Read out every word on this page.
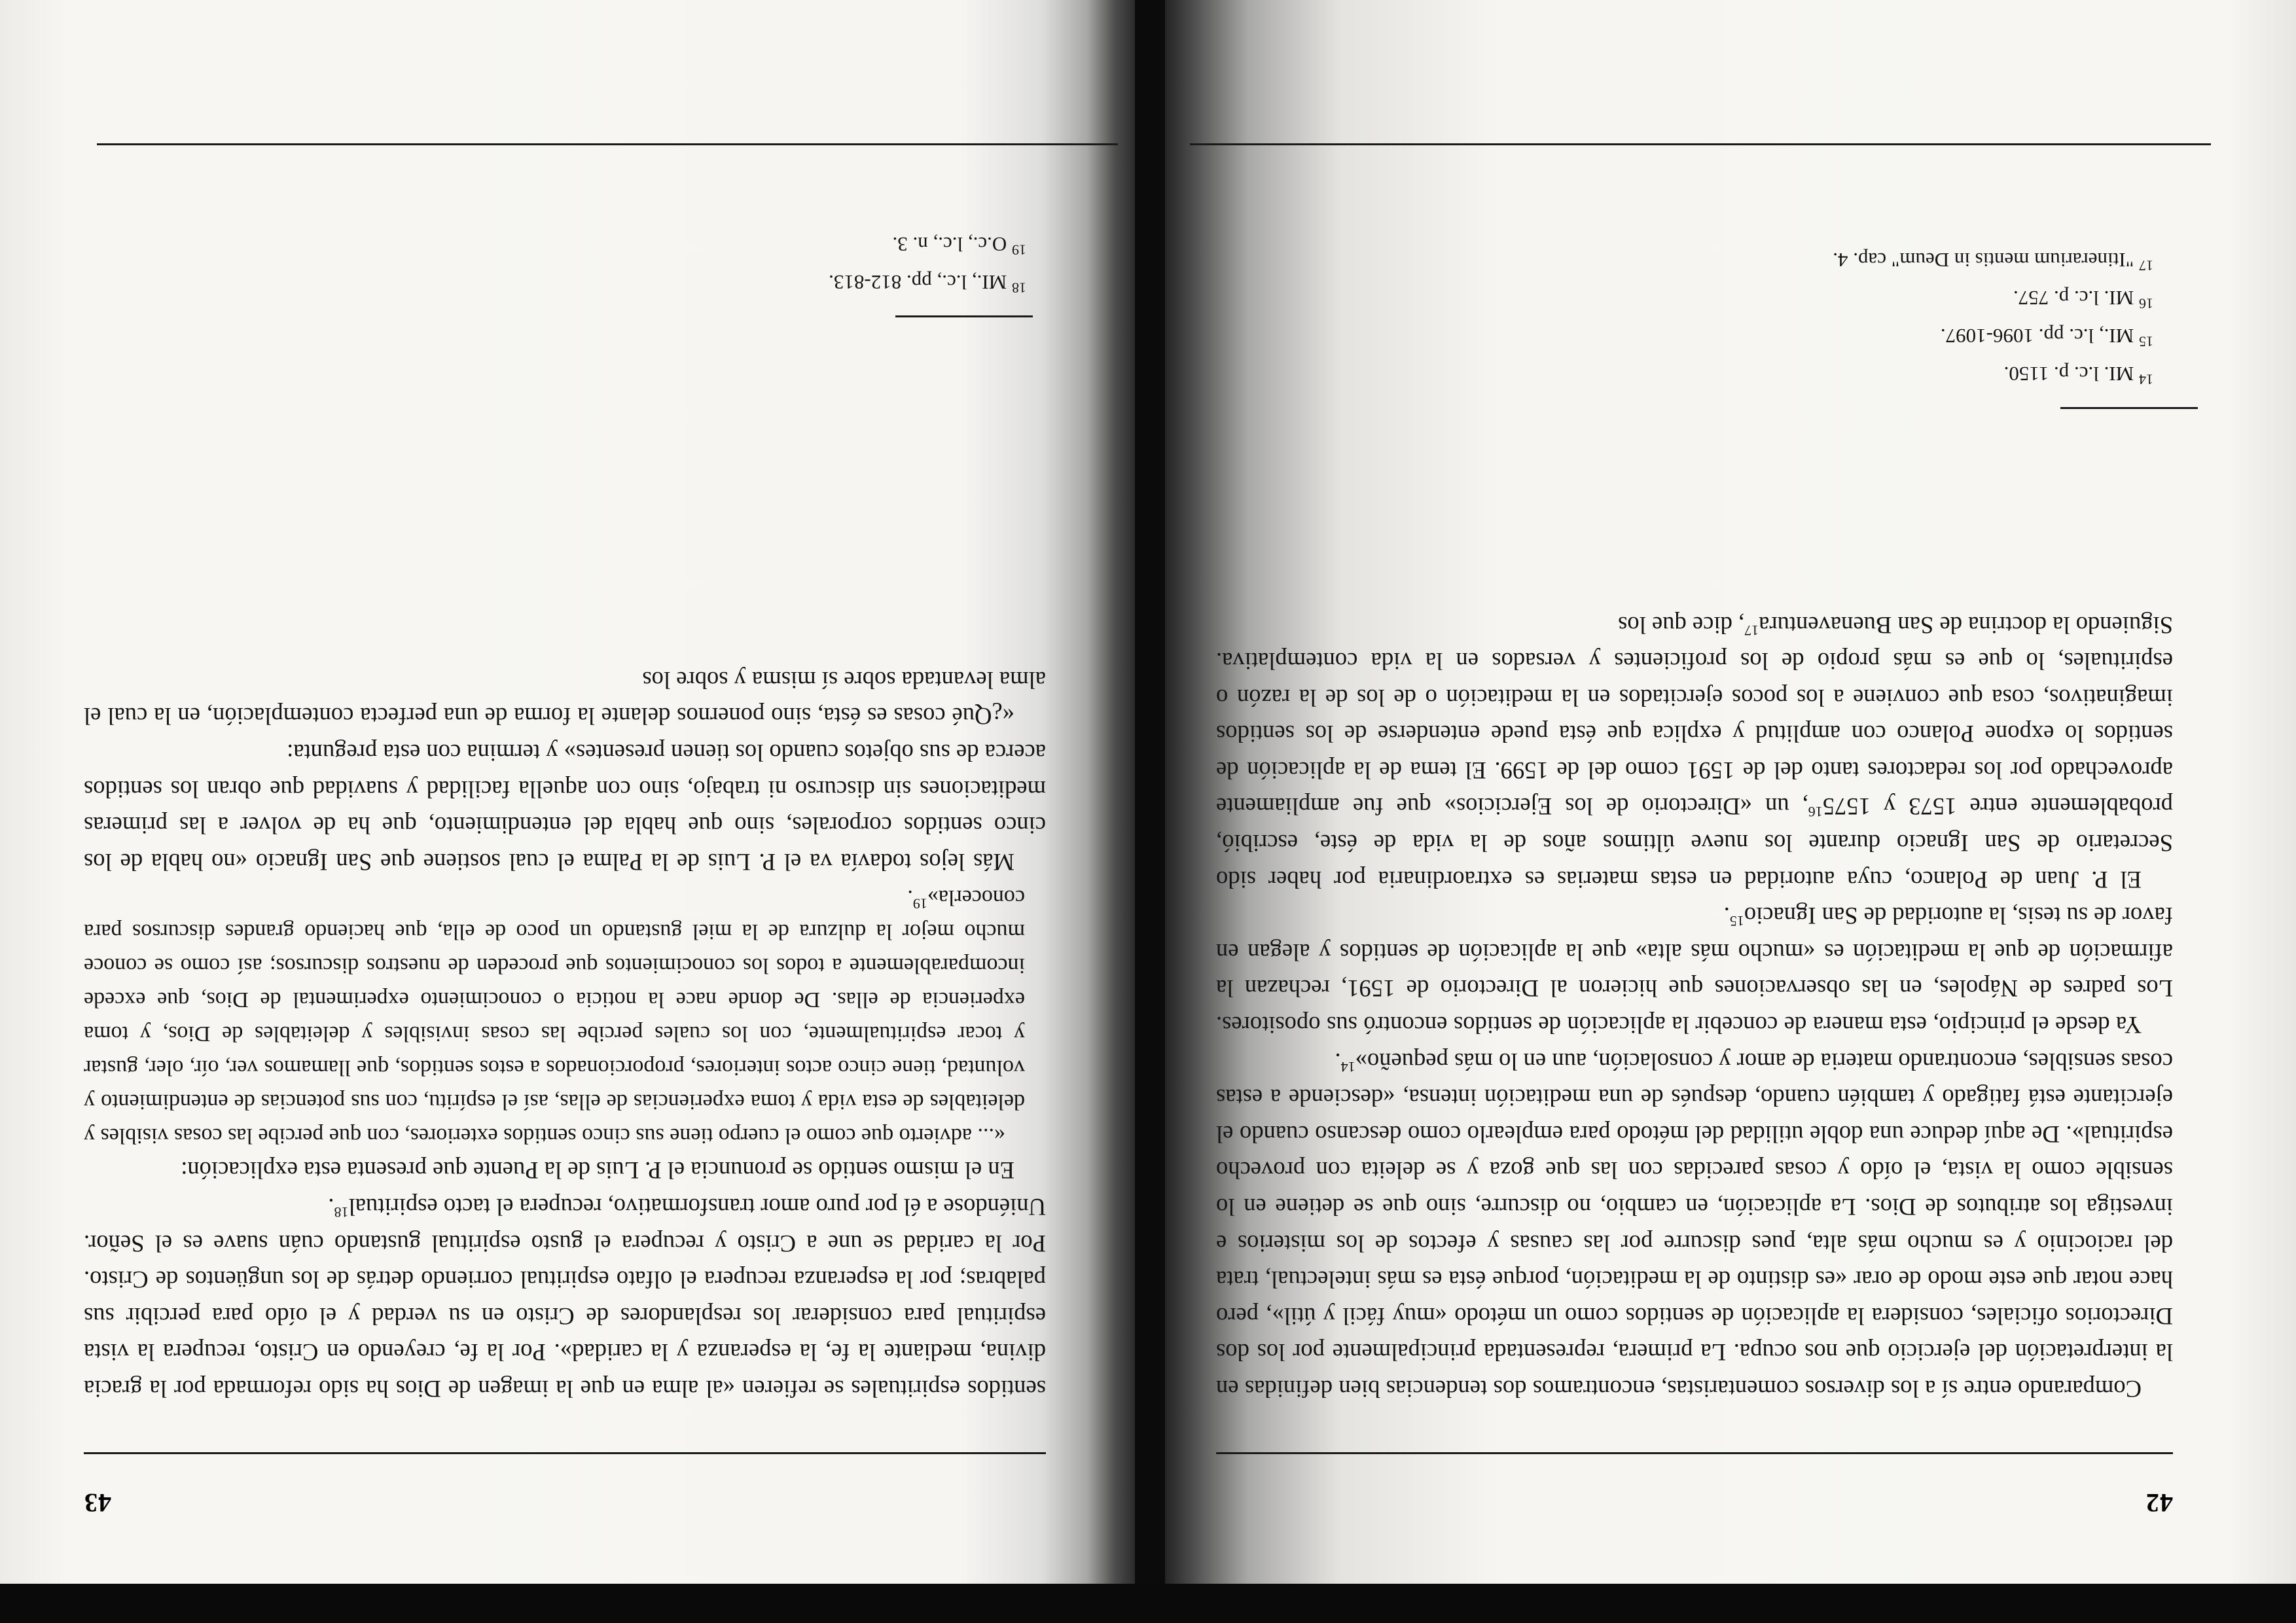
42

Comparando entre sí a los diversos comentaristas, encontramos dos tendencias bien definidas en la interpretación del ejercicio que nos ocupa. La primera, representada principalmente por los dos Directorios oficiales, considera la aplicación de sentidos como un método «muy fácil y útil», pero hace notar que este modo de orar «es distinto de la meditación, porque ésta es más intelectual, trata del raciocinio y es mucho más alta, pues discurre por las causas y efectos de los misterios e investiga los atributos de Dios. La aplicación, en cambio, no discurre, sino que se detiene en lo sensible como la vista, el oído y cosas parecidas con las que goza y se deleita con provecho espiritual». De aquí deduce una doble utilidad del método para emplearlo como descanso cuando el ejercitante está fatigado y también cuando, después de una meditación intensa, «desciende a estas cosas sensibles, encontrando materia de amor y consolación, aun en lo más pequeño»$^{14}$.

Ya desde el principio, esta manera de concebir la aplicación de sentidos encontró sus opositores. Los padres de Nápoles, en las observaciones que hicieron al Directorio de 1591, rechazan la afirmación de que la meditación es «mucho más alta» que la aplicación de sentidos y alegan en favor de su tesis, la autoridad de San Ignacio$^{15}$.

El P. Juan de Polanco, cuya autoridad en estas materias es extraordinaria por haber sido Secretario de San Ignacio durante los nueve últimos años de la vida de éste, escribió, probablemente entre 1573 y 1575$^{16}$, un «Directorio de los Ejercicios» que fue ampliamente aprovechado por los redactores tanto del de 1591 como del de 1599. El tema de la aplicación de sentidos lo expone Polanco con amplitud y explica que ésta puede entenderse de los sentidos imaginativos, cosa que conviene a los pocos ejercitados en la meditación o de los de la razón o espirituales, lo que es más propio de los proficientes y versados en la vida contemplativa. Siguiendo la doctrina de San Buenaventura$^{17}$, dice que los

$^{14}$ MI. l.c. p. 1150.

$^{15}$ MI., l.c. pp. 1096-1097.

$^{16}$ MI. l.c. p. 757.

$^{17}$ "Itinerarium mentis in Deum" cap. 4.

43

sentidos espirituales se refieren «al alma en que la imagen de Dios ha sido reformada por la gracia divina, mediante la fe, la esperanza y la caridad». Por la fe, creyendo en Cristo, recupera la vista espiritual para considerar los resplandores de Cristo en su verdad y el oído para percibir sus palabras; por la esperanza recupera el olfato espiritual corriendo detrás de los ungüentos de Cristo. Por la caridad se une a Cristo y recupera el gusto espiritual gustando cuán suave es el Señor. Uniéndose a él por puro amor transformativo, recupera el tacto espiritual$^{18}$.

En el mismo sentido se pronuncia el P. Luis de la Puente que presenta esta explicación:

«... advierto que como el cuerpo tiene sus cinco sentidos exteriores, con que percibe las cosas visibles y deleitables de esta vida y toma experiencias de ellas, así el espíritu, con sus potencias de entendimiento y voluntad, tiene cinco actos interiores, proporcionados a estos sentidos, que llamamos ver, oír, oler, gustar y tocar espiritualmente, con los cuales percibe las cosas invisibles y deleitables de Dios, y toma experiencia de ellas. De donde nace la noticia o conocimiento experimental de Dios, que excede incomparablemente a todos los conocimientos que proceden de nuestros discursos; así como se conoce mucho mejor la dulzura de la miel gustando un poco de ella, que haciendo grandes discursos para conocerla»$^{19}$.

Más lejos todavía va el P. Luis de la Palma el cual sostiene que San Ignacio «no habla de los cinco sentidos corporales, sino que habla del entendimiento, que ha de volver a las primeras meditaciones sin discurso ni trabajo, sino con aquella facilidad y suavidad que obran los sentidos acerca de sus objetos cuando los tienen presentes» y termina con esta pregunta:

«¿Qué cosas es ésta, sino ponernos delante la forma de una perfecta contemplación, en la cual el alma levantada sobre sí misma y sobre los

$^{18}$ MI., l.c., pp. 812-813.

$^{19}$ O.c., l.c., n. 3.
